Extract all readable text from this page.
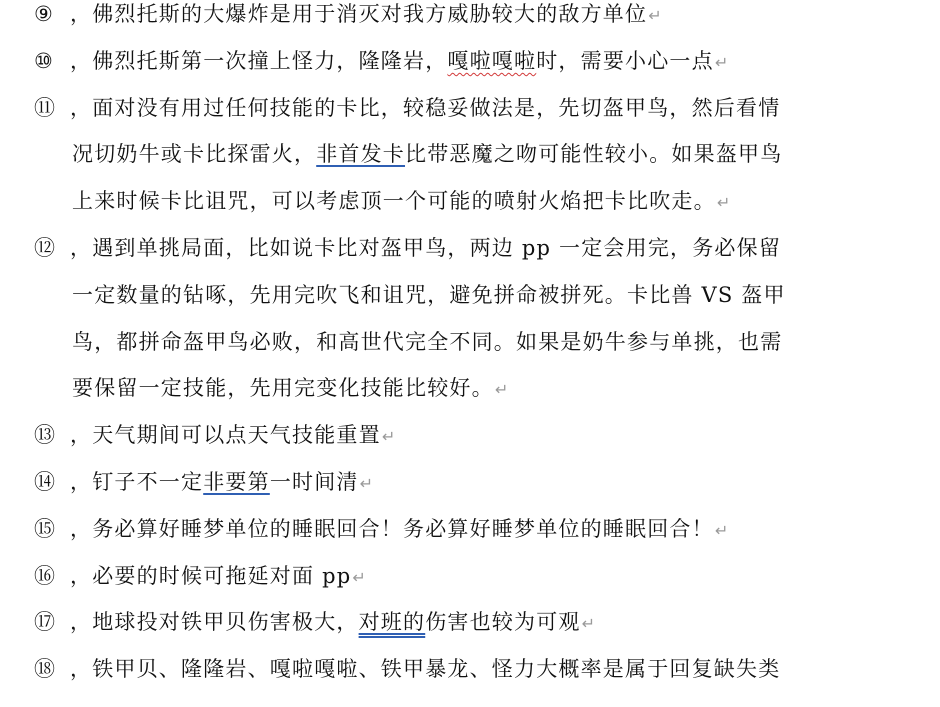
⑨ ，佛烈托斯的大爆炸是用于消灭对我方威胁较大的敌方单位↵
⑩ ，佛烈托斯第一次撞上怪力，隆隆岩，嘎啦嘎啦时，需要小心一点↵
⑪ ，面对没有用过任何技能的卡比，较稳妥做法是，先切盔甲鸟，然后看情
况切奶牛或卡比探雷火，非首发卡比带恶魔之吻可能性较小。如果盔甲鸟
上来时候卡比诅咒，可以考虑顶一个可能的喷射火焰把卡比吹走。↵
⑫ ，遇到单挑局面，比如说卡比对盔甲鸟，两边 pp 一定会用完，务必保留
一定数量的钻啄，先用完吹飞和诅咒，避免拼命被拼死。卡比兽 VS 盔甲
鸟，都拼命盔甲鸟必败，和高世代完全不同。如果是奶牛参与单挑，也需
要保留一定技能，先用完变化技能比较好。↵
⑬ ，天气期间可以点天气技能重置↵
⑭ ，钉子不一定非要第一时间清↵
⑮ ，务必算好睡梦单位的睡眠回合！务必算好睡梦单位的睡眠回合！↵
⑯ ，必要的时候可拖延对面 pp↵
⑰ ，地球投对铁甲贝伤害极大，对班的伤害也较为可观↵
⑱ ，铁甲贝、隆隆岩、嘎啦嘎啦、铁甲暴龙、怪力大概率是属于回复缺失类
